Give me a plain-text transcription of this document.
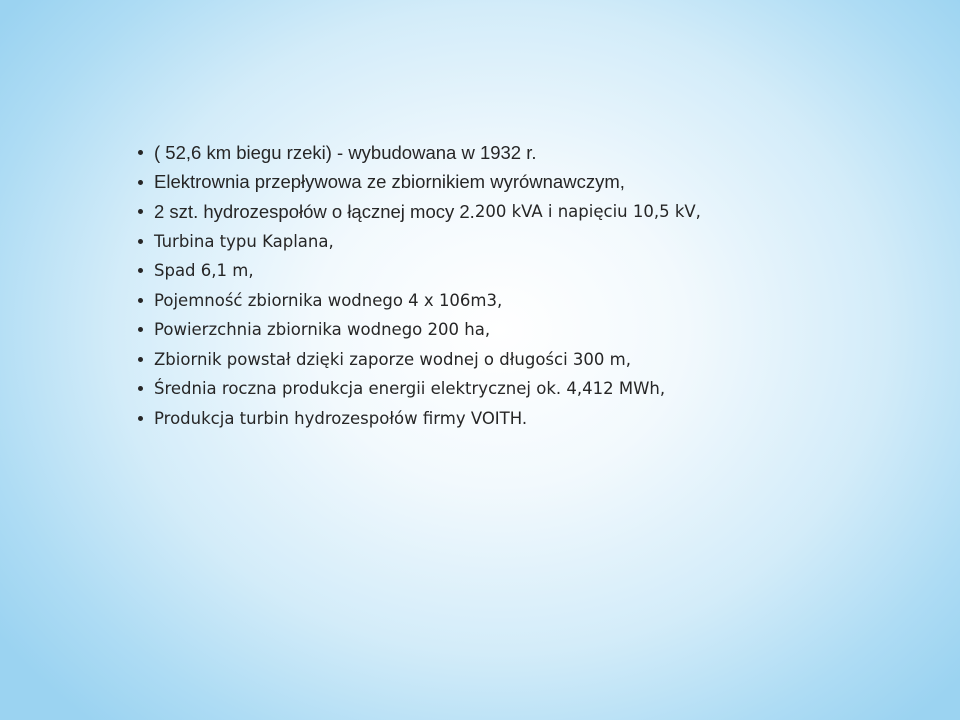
( 52,6 km biegu rzeki) - wybudowana w 1932 r.
Elektrownia przepływowa ze zbiornikiem wyrównawczym,
2 szt. hydrozespołów o łącznej mocy 2. 200 kVA i napięciu 10,5 kV,
Turbina typu Kaplana,
Spad 6,1 m,
Pojemność zbiornika wodnego 4 x 106m3,
Powierzchnia zbiornika wodnego 200 ha,
Zbiornik powstał dzięki zaporze wodnej o długości 300 m,
Średnia roczna produkcja energii elektrycznej ok. 4,412 MWh,
Produkcja turbin hydrozespołów firmy VOITH.
